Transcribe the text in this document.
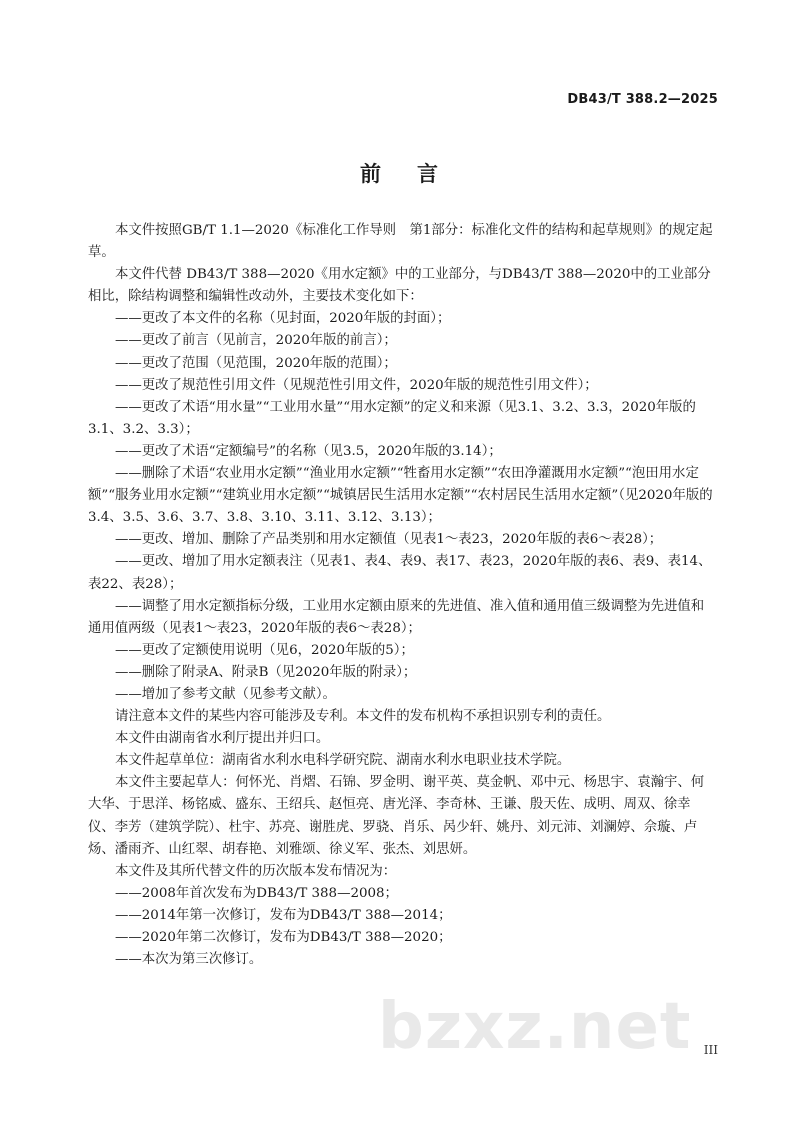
DB43/T 388.2—2025
前 言

本文件按照GB/T 1.1—2020《标准化工作导则　第1部分：标准化文件的结构和起草规则》的规定起草。

本文件代替 DB43/T 388—2020《用水定额》中的工业部分，与DB43/T 388—2020中的工业部分相比，除结构调整和编辑性改动外，主要技术变化如下：

——更改了本文件的名称（见封面，2020年版的封面）；

——更改了前言（见前言，2020年版的前言）；

——更改了范围（见范围，2020年版的范围）；

——更改了规范性引用文件（见规范性引用文件，2020年版的规范性引用文件）；

——更改了术语“用水量”“工业用水量”“用水定额”的定义和来源（见3.1、3.2、3.3，2020年版的3.1、3.2、3.3）；

——更改了术语“定额编号”的名称（见3.5，2020年版的3.14）；

——删除了术语“农业用水定额”“渔业用水定额”“牲畜用水定额”“农田净灌溉用水定额”“泡田用水定额”“服务业用水定额”“建筑业用水定额”“城镇居民生活用水定额”“农村居民生活用水定额”（见2020年版的3.4、3.5、3.6、3.7、3.8、3.10、3.11、3.12、3.13）；

——更改、增加、删除了产品类别和用水定额值（见表1～表23，2020年版的表6～表28）；

——更改、增加了用水定额表注（见表1、表4、表9、表17、表23，2020年版的表6、表9、表14、表22、表28）；

——调整了用水定额指标分级，工业用水定额由原来的先进值、准入值和通用值三级调整为先进值和通用值两级（见表1～表23，2020年版的表6～表28）；

——更改了定额使用说明（见6，2020年版的5）；

——删除了附录A、附录B（见2020年版的附录）；

——增加了参考文献（见参考文献）。

请注意本文件的某些内容可能涉及专利。本文件的发布机构不承担识别专利的责任。

本文件由湖南省水利厅提出并归口。

本文件起草单位：湖南省水利水电科学研究院、湖南水利水电职业技术学院。

本文件主要起草人：何怀光、肖熠、石锦、罗金明、谢平英、莫金帆、邓中元、杨思宇、袁瀚宇、何大华、于思洋、杨铭威、盛东、王绍兵、赵恒亮、唐光泽、李奇林、王谦、殷天佐、成明、周双、徐幸仪、李芳（建筑学院）、杜宇、苏亮、谢胜虎、罗骁、肖乐、呙少轩、姚丹、刘元沛、刘澜婷、佘璇、卢炀、潘雨齐、山红翠、胡春艳、刘雅颂、徐义军、张杰、刘思妍。

本文件及其所代替文件的历次版本发布情况为：

——2008年首次发布为DB43/T 388—2008；

——2014年第一次修订，发布为DB43/T 388—2014；

——2020年第二次修订，发布为DB43/T 388—2020；

——本次为第三次修订。

bzxz.net III
